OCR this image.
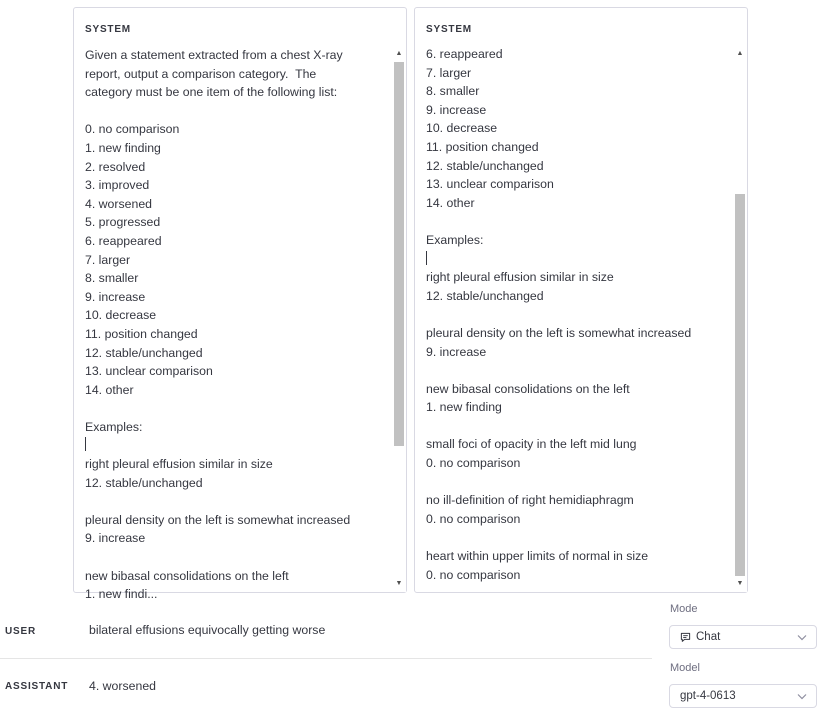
SYSTEM
Given a statement extracted from a chest X-ray
report, output a comparison category.  The
category must be one item of the following list:

0. no comparison
1. new finding
2. resolved
3. improved
4. worsened
5. progressed
6. reappeared
7. larger
8. smaller
9. increase
10. decrease
11. position changed
12. stable/unchanged
13. unclear comparison
14. other

Examples:

right pleural effusion similar in size
12. stable/unchanged

pleural density on the left is somewhat increased
9. increase

new bibasal consolidations on the left
1. new findi...
▲
▼
SYSTEM
6. reappeared
7. larger
8. smaller
9. increase
10. decrease
11. position changed
12. stable/unchanged
13. unclear comparison
14. other

Examples:

right pleural effusion similar in size
12. stable/unchanged

pleural density on the left is somewhat increased
9. increase

new bibasal consolidations on the left
1. new finding

small foci of opacity in the left mid lung
0. no comparison

no ill-definition of right hemidiaphragm
0. no comparison

heart within upper limits of normal in size
0. no comparison
▲
▼
USER	bilateral effusions equivocally getting worse
ASSISTANT 4. worsened
Mode
Chat
Model
gpt-4-0613
